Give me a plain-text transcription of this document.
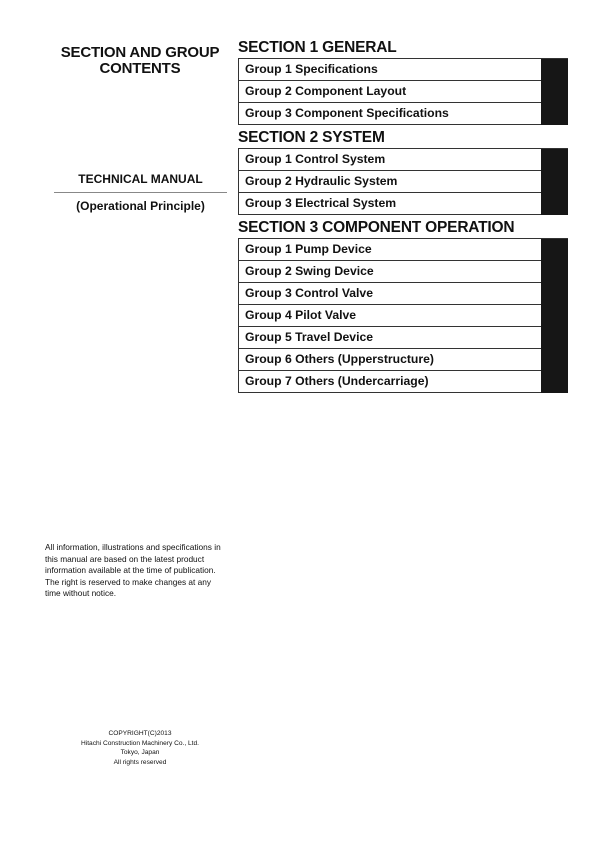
SECTION AND GROUP
CONTENTS
TECHNICAL MANUAL
(Operational Principle)

All information, illustrations and specifications in this manual are based on the latest product information available at the time of publication. The right is reserved to make changes at any time without notice.

COPYRIGHT(C)2013
Hitachi Construction Machinery Co., Ltd.
Tokyo, Japan
All rights reserved
SECTION 1 GENERAL
Group 1 Specifications
Group 2 Component Layout
Group 3 Component Specifications
SECTION 2 SYSTEM
Group 1 Control System
Group 2 Hydraulic System
Group 3 Electrical System
SECTION 3 COMPONENT OPERATION
Group 1 Pump Device
Group 2 Swing Device
Group 3 Control Valve
Group 4 Pilot Valve
Group 5 Travel Device
Group 6 Others (Upperstructure)
Group 7 Others (Undercarriage)
